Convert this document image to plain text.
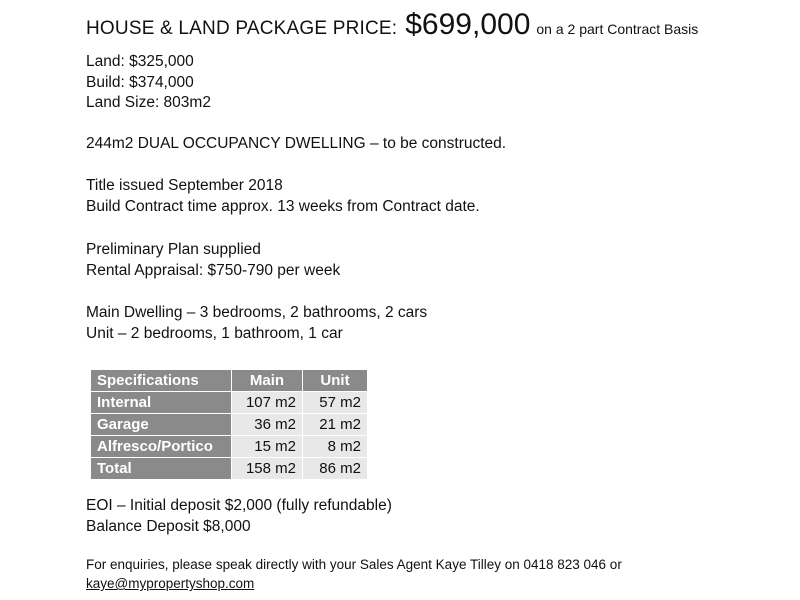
HOUSE & LAND PACKAGE PRICE: $699,000 on a 2 part Contract Basis
Land: $325,000
Build: $374,000
Land Size: 803m2
244m2 DUAL OCCUPANCY DWELLING – to be constructed.
Title issued September 2018
Build Contract time approx. 13 weeks from Contract date.
Preliminary Plan supplied
Rental Appraisal: $750-790 per week
Main Dwelling – 3 bedrooms, 2 bathrooms, 2 cars
Unit – 2 bedrooms, 1 bathroom, 1 car
Specifications	Main	Unit
Internal	107 m2	57 m2
Garage	36 m2	21 m2
Alfresco/Portico	15 m2	8 m2
Total	158 m2	86 m2
EOI – Initial deposit $2,000 (fully refundable)
Balance Deposit $8,000
For enquiries, please speak directly with your Sales Agent Kaye Tilley on 0418 823 046 or
kaye@mypropertyshop.com
